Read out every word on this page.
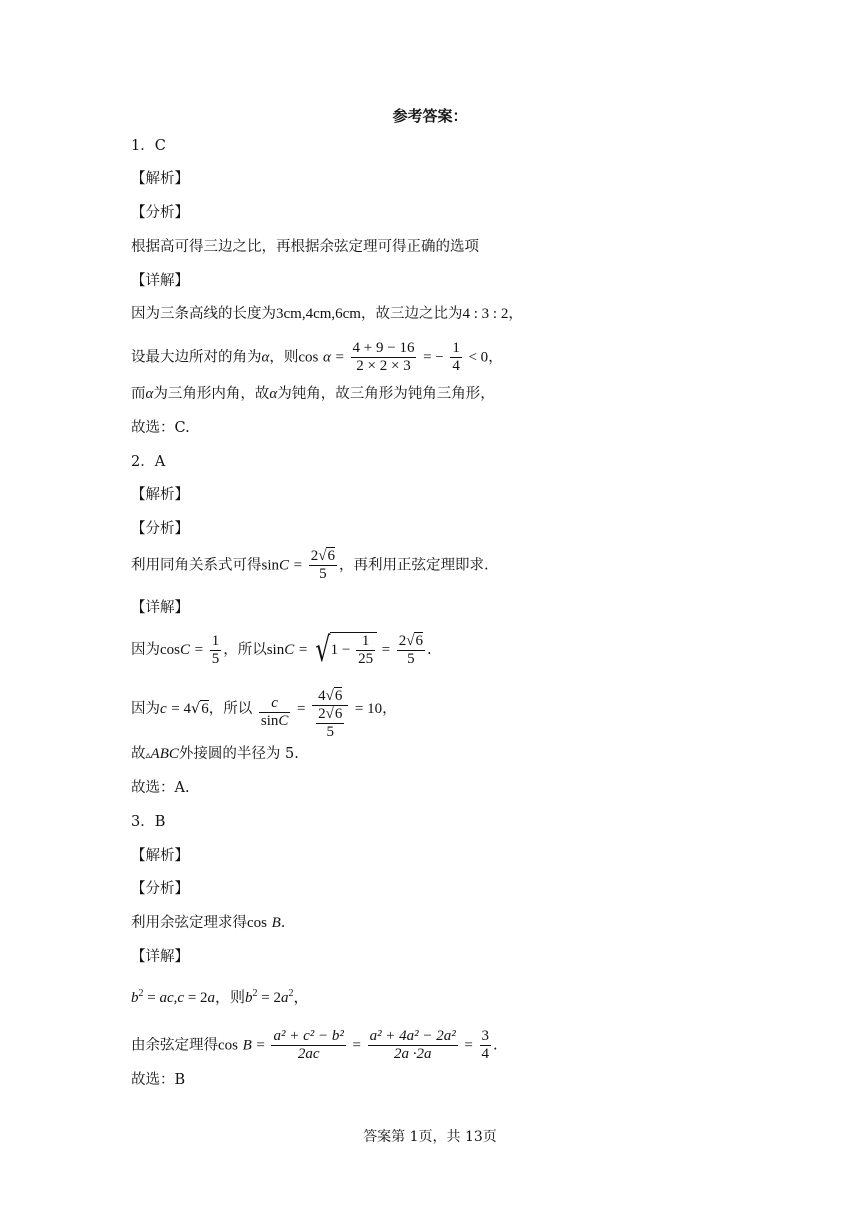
参考答案：
1．C
【解析】
【分析】
根据高可得三边之比，再根据余弦定理可得正确的选项
【详解】
因为三条高线的长度为3cm,4cm,6cm，故三边之比为4 : 3 : 2，
设最大边所对的角为α，则$\cos \alpha = \frac{4 + 9 - 16}{2 \times 2 \times 3}$ = − $\frac{1}{4} < 0$，
而α为三角形内角，故α为钝角，故三角形为钝角三角形，
故选：C.
2．A
【解析】
【分析】
利用同角关系式可得$\sin C = \frac{2√6}{5}$ ，再利用正弦定理即求.
【详解】
因为$\cos C = \frac{1}{5}$ ，所以$\sin C = √1 - \frac{1}{25} = \frac{2√6}{5}$ .
因为c = 4√6，所以 $\frac{c}{\sin C} = \frac{4√6}{\frac{2√6}{5}} = 10$，
故▵ABC外接圆的半径为 5.
故选：A.
3．B
【解析】
【分析】
利用余弦定理求得cos B.
【详解】
$b^2 = ac,c = 2a$，则$b^2 = 2a^2$，
由余弦定理得$\cos B = \frac{\text{a² + c² − b²}}{2ac} = \frac{\text{a² + 4a² − 2a²}}{2a \cdot 2a} = \frac{3}{4}$ .
故选：B
答案第 1页，共 13页
